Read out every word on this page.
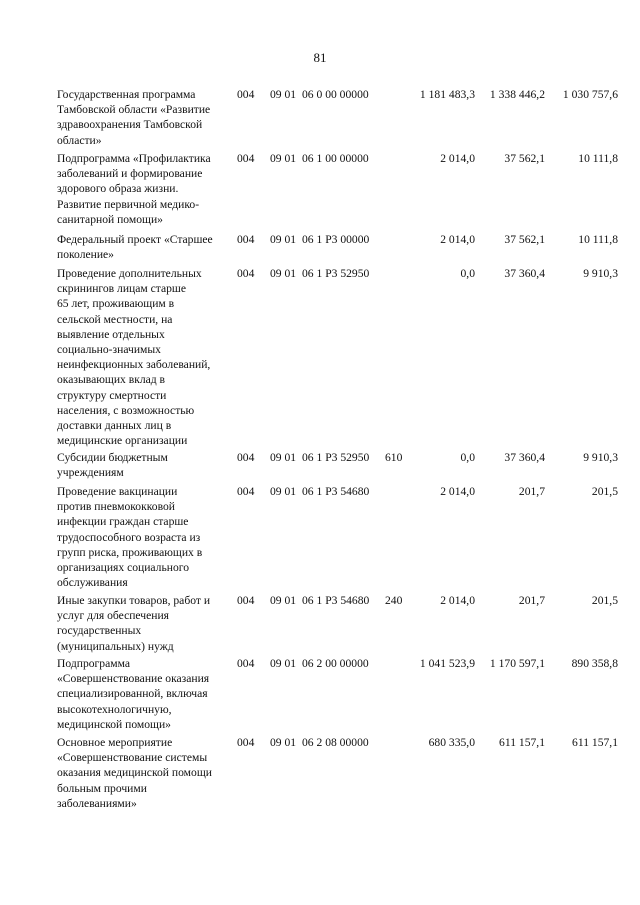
81
Государственная программа
Тамбовской области «Развитие
здравоохранения Тамбовской
области»
004 09 01 06 0 00 00000	1 181 483,3	1 338 446,2	1 030 757,6
Подпрограмма «Профилактика
заболеваний и формирование
здорового образа жизни.
Развитие первичной медико-
санитарной помощи»
004 09 01 06 1 00 00000	2 014,0	37 562,1	10 111,8
Федеральный проект «Старшее
поколение»
004 09 01 06 1 P3 00000	2 014,0	37 562,1	10 111,8
Проведение дополнительных
скринингов лицам старше
65 лет, проживающим в
сельской местности, на
выявление отдельных
социально-значимых
неинфекционных заболеваний,
оказывающих вклад в
структуру смертности
населения, с возможностью
доставки данных лиц в
медицинские организации
004 09 01 06 1 P3 52950	0,0	37 360,4	9 910,3
Субсидии бюджетным
учреждениям
004 09 01 06 1 P3 52950 610	0,0	37 360,4	9 910,3
Проведение вакцинации
против пневмококковой
инфекции граждан старше
трудоспособного возраста из
групп риска, проживающих в
организациях социального
обслуживания
004 09 01 06 1 P3 54680	2 014,0	201,7	201,5
Иные закупки товаров, работ и
услуг для обеспечения
государственных
(муниципальных) нужд
004 09 01 06 1 P3 54680 240	2 014,0	201,7	201,5
Подпрограмма
«Совершенствование оказания
специализированной, включая
высокотехнологичную,
медицинской помощи»
004 09 01 06 2 00 00000	1 041 523,9	1 170 597,1	890 358,8
Основное мероприятие
«Совершенствование системы
оказания медицинской помощи
больным прочими
заболеваниями»
004 09 01 06 2 08 00000	680 335,0	611 157,1	611 157,1
